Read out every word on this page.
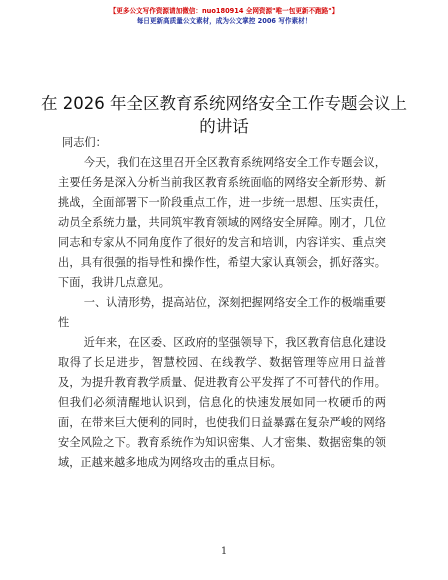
【更多公文写作资源请加微信：nuo180914 全网资源"唯一包更新不跑路"】
每日更新高质量公文素材，成为公文掌控 2006 写作素材！
在 2026 年全区教育系统网络安全工作专题会议上的讲话

同志们：

今天，我们在这里召开全区教育系统网络安全工作专题会议，主要任务是深入分析当前我区教育系统面临的网络安全新形势、新挑战，全面部署下一阶段重点工作，进一步统一思想、压实责任，动员全系统力量，共同筑牢教育领域的网络安全屏障。刚才，几位同志和专家从不同角度作了很好的发言和培训，内容详实、重点突出，具有很强的指导性和操作性，希望大家认真领会，抓好落实。下面，我讲几点意见。

一、认清形势，提高站位，深刻把握网络安全工作的极端重要性

近年来，在区委、区政府的坚强领导下，我区教育信息化建设取得了长足进步，智慧校园、在线教学、数据管理等应用日益普及，为提升教育教学质量、促进教育公平发挥了不可替代的作用。但我们必须清醒地认识到，信息化的快速发展如同一枚硬币的两面，在带来巨大便利的同时，也使我们日益暴露在复杂严峻的网络安全风险之下。教育系统作为知识密集、人才密集、数据密集的领域，正越来越多地成为网络攻击的重点目标。

1
